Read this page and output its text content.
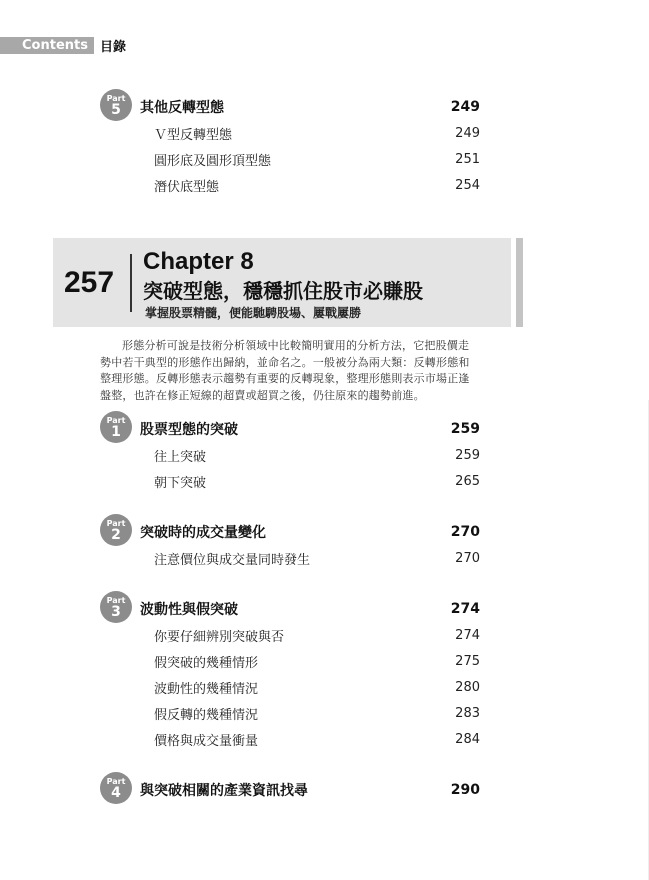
Contents 目錄
Part
5 其他反轉型態	249
Ｖ型反轉型態	249
圓形底及圓形頂型態	251
潛伏底型態	254
257
Chapter 8
突破型態，穩穩抓住股市必賺股
掌握股票精髓，便能馳騁股場、屢戰屢勝
形態分析可說是技術分析領域中比較簡明實用的分析方法，它把股價走
勢中若干典型的形態作出歸納，並命名之。一般被分為兩大類：反轉形態和
整理形態。反轉形態表示趨勢有重要的反轉現象，整理形態則表示市場正逢
盤整，也許在修正短線的超賣或超買之後，仍往原來的趨勢前進。
Part
1 股票型態的突破	259
往上突破	259
朝下突破	265
Part
2 突破時的成交量變化	270
注意價位與成交量同時發生	270
Part
3 波動性與假突破	274
你要仔細辨別突破與否	274
假突破的幾種情形	275
波動性的幾種情況	280
假反轉的幾種情況	283
價格與成交量衝量	284
Part
4 與突破相關的產業資訊找尋	290
